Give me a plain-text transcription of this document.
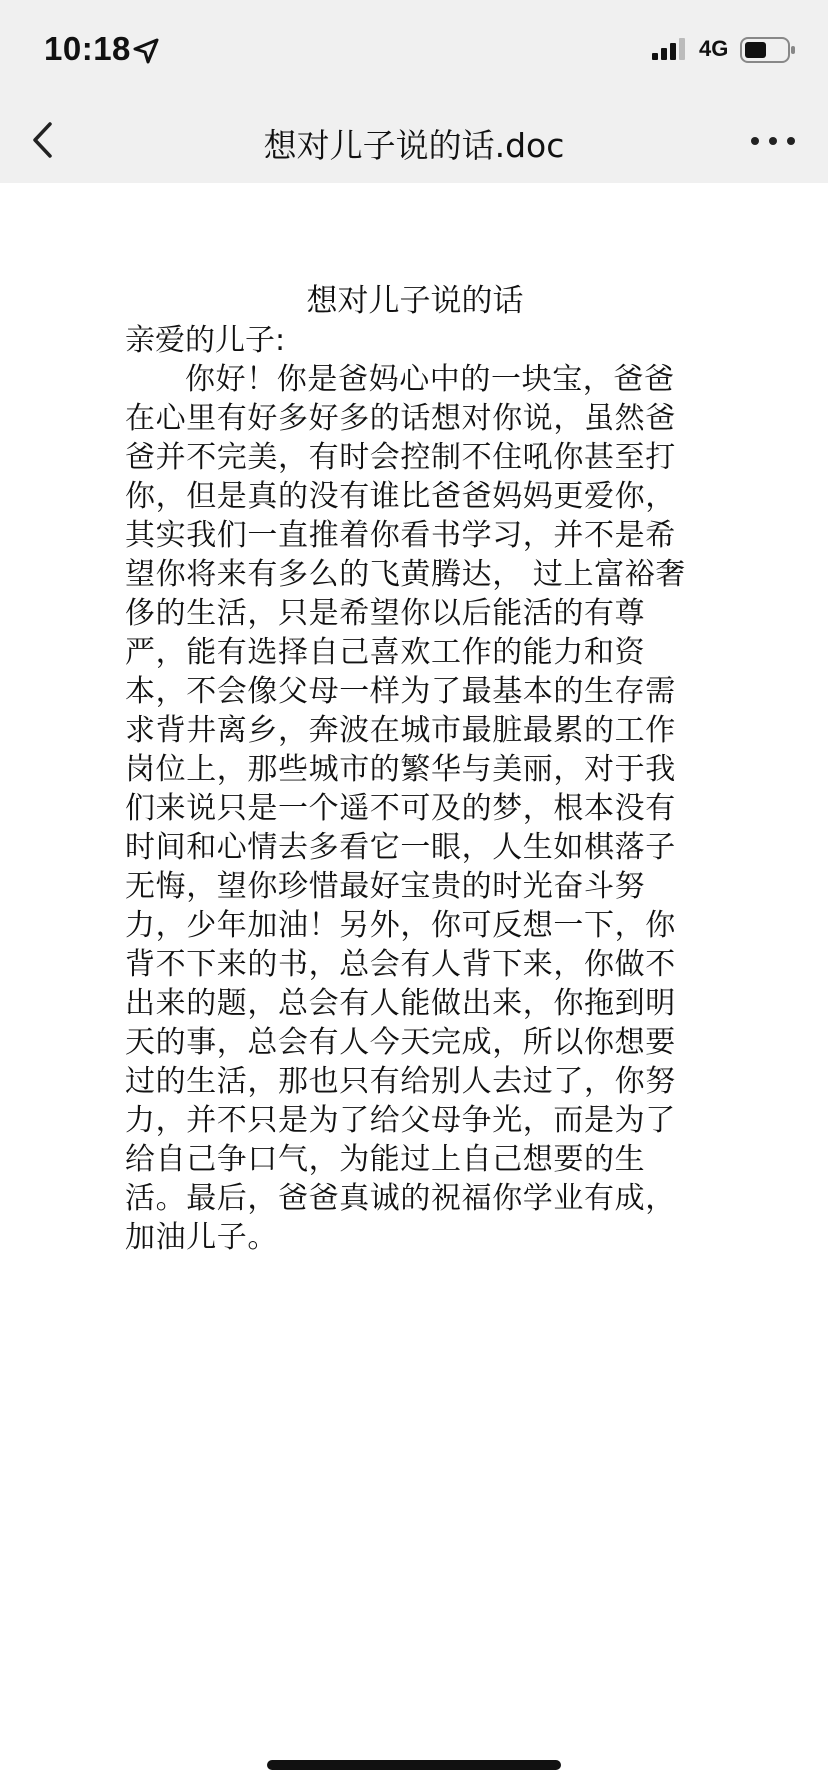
10:18	4G
想对儿子说的话.doc

想对儿子说的话

亲爱的儿子:

你好！你是爸妈心中的一块宝，爸爸在心里有好多好多的话想对你说，虽然爸爸并不完美，有时会控制不住吼你甚至打你，但是真的没有谁比爸爸妈妈更爱你，其实我们一直推着你看书学习，并不是希望你将来有多么的飞黄腾达， 过上富裕奢侈的生活，只是希望你以后能活的有尊严，能有选择自己喜欢工作的能力和资本，不会像父母一样为了最基本的生存需求背井离乡，奔波在城市最脏最累的工作岗位上，那些城市的繁华与美丽，对于我们来说只是一个遥不可及的梦，根本没有时间和心情去多看它一眼，人生如棋落子无悔，望你珍惜最好宝贵的时光奋斗努力，少年加油！另外，你可反想一下，你背不下来的书，总会有人背下来，你做不出来的题，总会有人能做出来，你拖到明天的事，总会有人今天完成，所以你想要过的生活，那也只有给别人去过了，你努力，并不只是为了给父母争光，而是为了给自己争口气，为能过上自己想要的生活。最后，爸爸真诚的祝福你学业有成，加油儿子。
